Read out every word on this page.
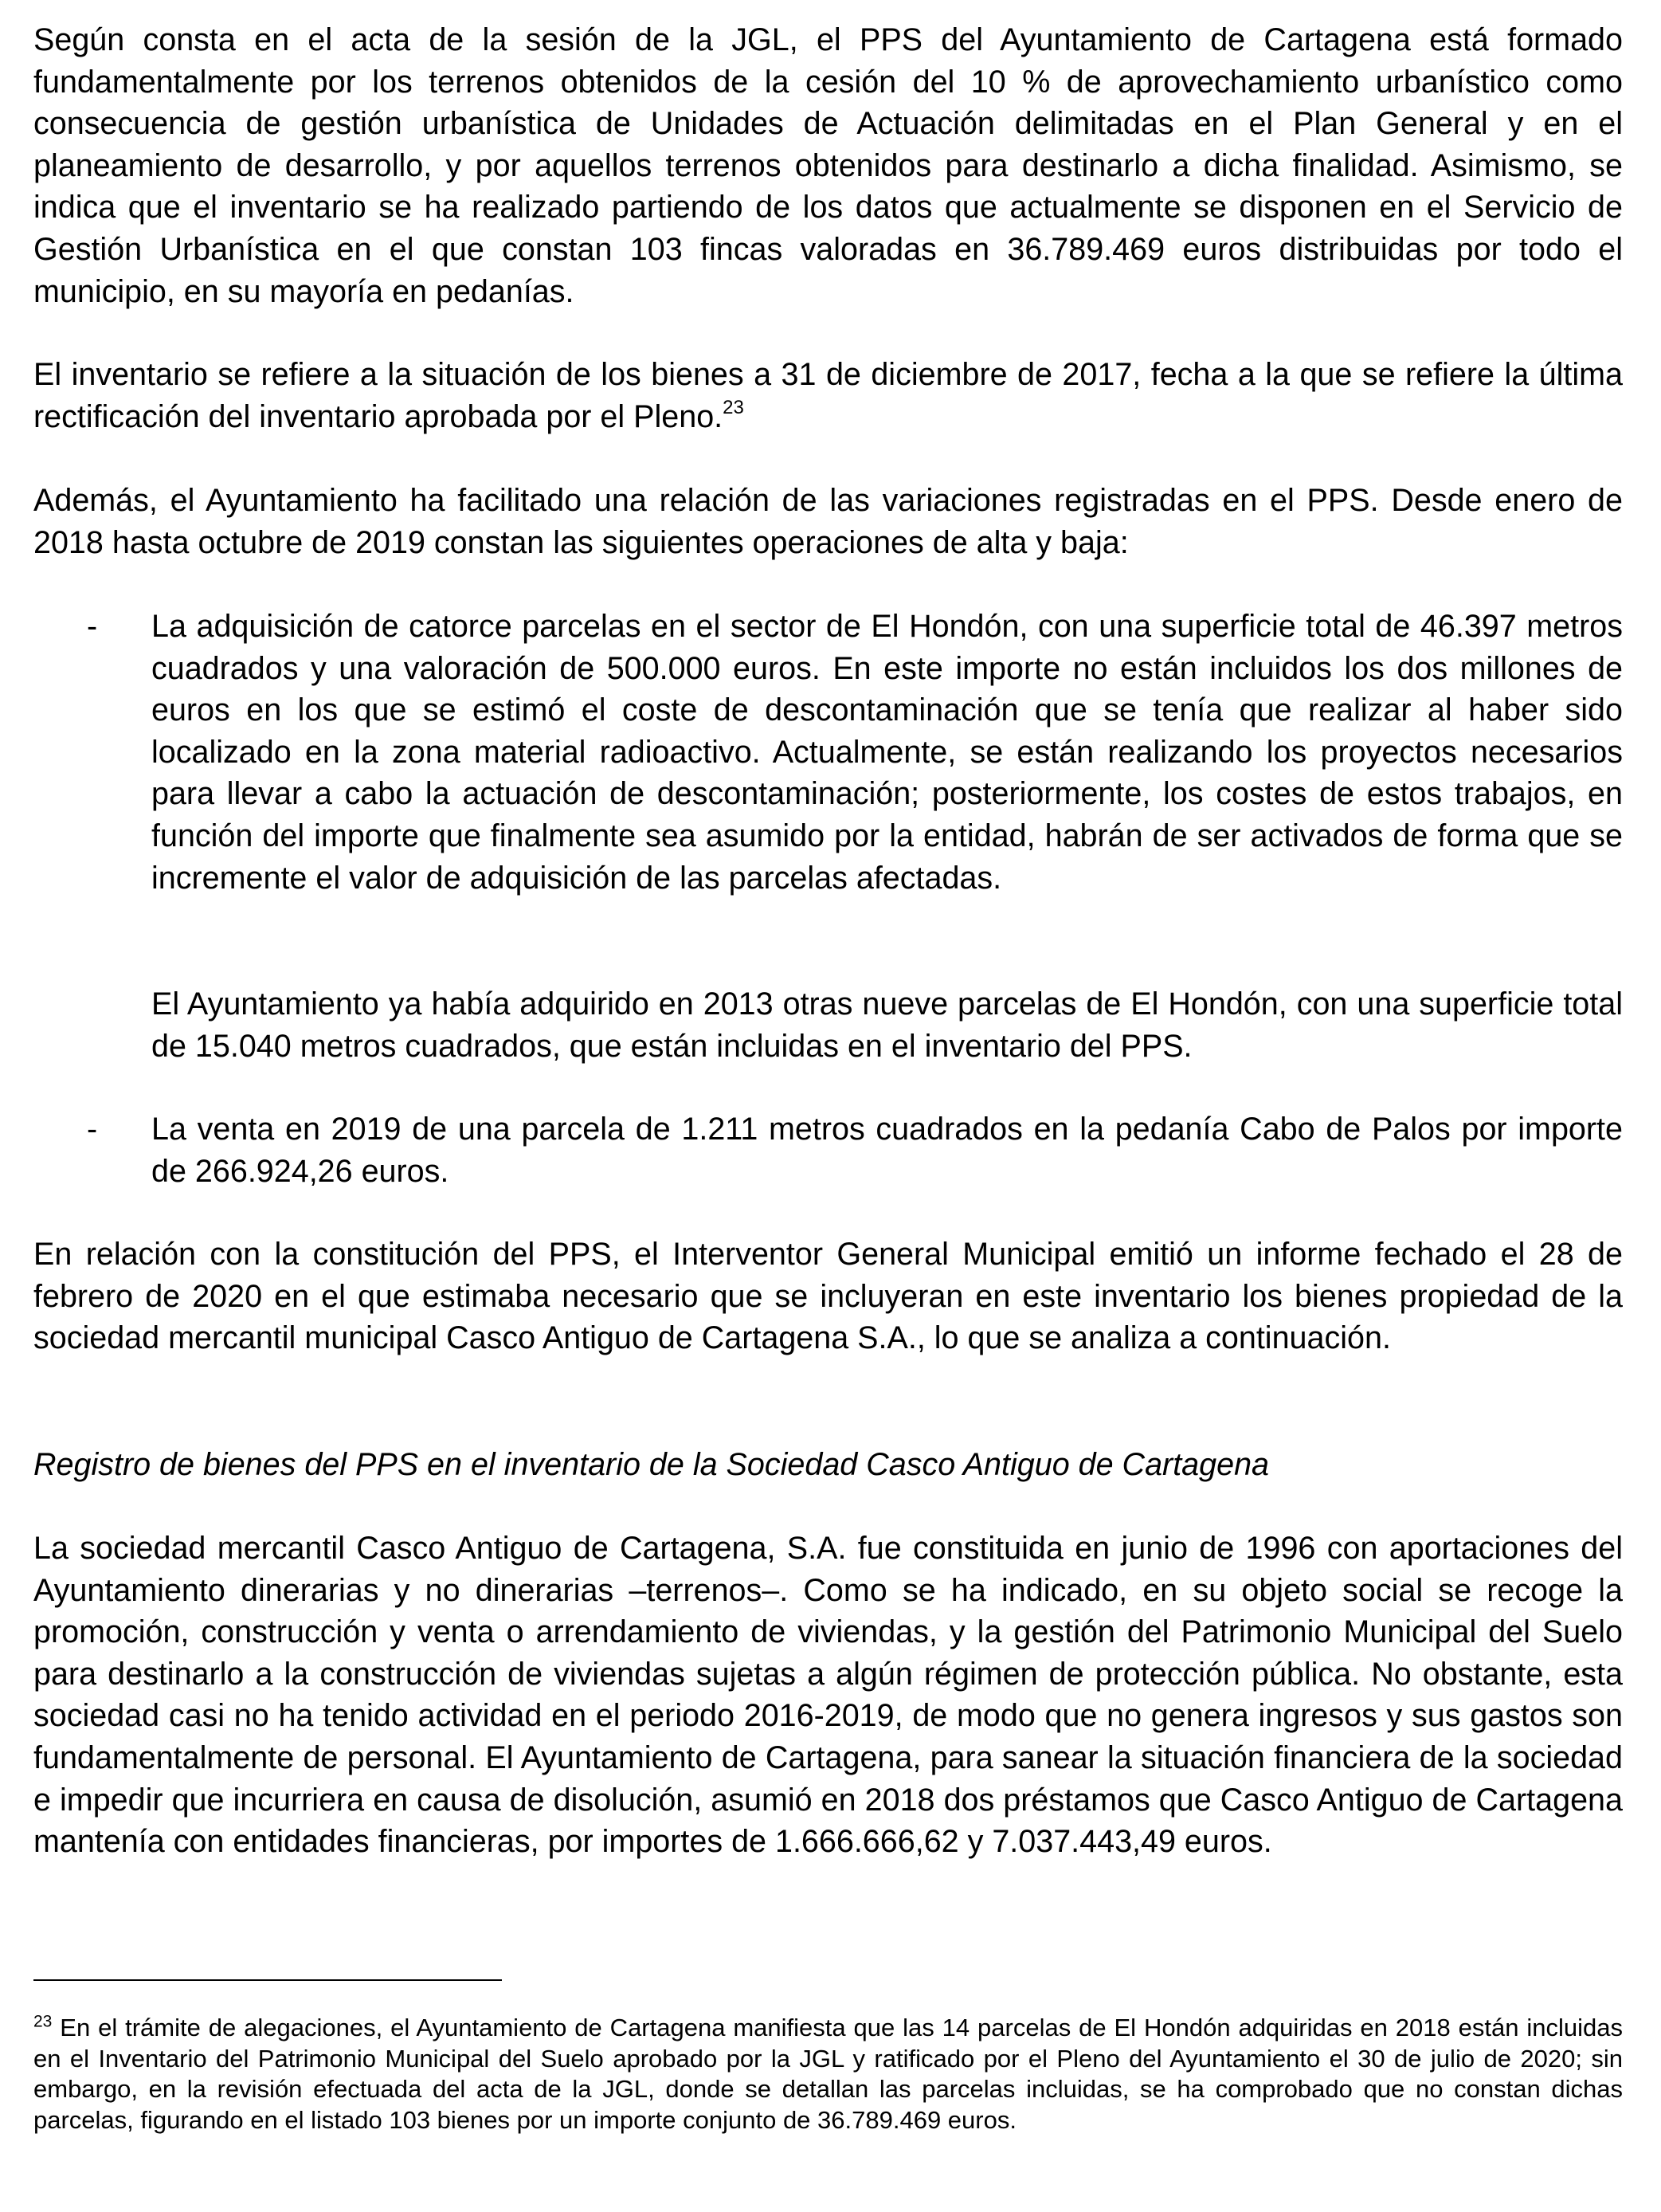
Según consta en el acta de la sesión de la JGL, el PPS del Ayuntamiento de Cartagena está formado fundamentalmente por los terrenos obtenidos de la cesión del 10 % de aprovechamiento urbanístico como consecuencia de gestión urbanística de Unidades de Actuación delimitadas en el Plan General y en el planeamiento de desarrollo, y por aquellos terrenos obtenidos para destinarlo a dicha finalidad. Asimismo, se indica que el inventario se ha realizado partiendo de los datos que actualmente se disponen en el Servicio de Gestión Urbanística en el que constan 103 fincas valoradas en 36.789.469 euros distribuidas por todo el municipio, en su mayoría en pedanías.

El inventario se refiere a la situación de los bienes a 31 de diciembre de 2017, fecha a la que se refiere la última rectificación del inventario aprobada por el Pleno.$^{23}$

Además, el Ayuntamiento ha facilitado una relación de las variaciones registradas en el PPS. Desde enero de 2018 hasta octubre de 2019 constan las siguientes operaciones de alta y baja:

- La adquisición de catorce parcelas en el sector de El Hondón, con una superficie total de 46.397 metros cuadrados y una valoración de 500.000 euros. En este importe no están incluidos los dos millones de euros en los que se estimó el coste de descontaminación que se tenía que realizar al haber sido localizado en la zona material radioactivo. Actualmente, se están realizando los proyectos necesarios para llevar a cabo la actuación de descontaminación; posteriormente, los costes de estos trabajos, en función del importe que finalmente sea asumido por la entidad, habrán de ser activados de forma que se incremente el valor de adquisición de las parcelas afectadas.

El Ayuntamiento ya había adquirido en 2013 otras nueve parcelas de El Hondón, con una superficie total de 15.040 metros cuadrados, que están incluidas en el inventario del PPS.

- La venta en 2019 de una parcela de 1.211 metros cuadrados en la pedanía Cabo de Palos por importe de 266.924,26 euros.

En relación con la constitución del PPS, el Interventor General Municipal emitió un informe fechado el 28 de febrero de 2020 en el que estimaba necesario que se incluyeran en este inventario los bienes propiedad de la sociedad mercantil municipal Casco Antiguo de Cartagena S.A., lo que se analiza a continuación.

Registro de bienes del PPS en el inventario de la Sociedad Casco Antiguo de Cartagena

La sociedad mercantil Casco Antiguo de Cartagena, S.A. fue constituida en junio de 1996 con aportaciones del Ayuntamiento dinerarias y no dinerarias –terrenos–. Como se ha indicado, en su objeto social se recoge la promoción, construcción y venta o arrendamiento de viviendas, y la gestión del Patrimonio Municipal del Suelo para destinarlo a la construcción de viviendas sujetas a algún régimen de protección pública. No obstante, esta sociedad casi no ha tenido actividad en el periodo 2016-2019, de modo que no genera ingresos y sus gastos son fundamentalmente de personal. El Ayuntamiento de Cartagena, para sanear la situación financiera de la sociedad e impedir que incurriera en causa de disolución, asumió en 2018 dos préstamos que Casco Antiguo de Cartagena mantenía con entidades financieras, por importes de 1.666.666,62 y 7.037.443,49 euros.

$^{23}$ En el trámite de alegaciones, el Ayuntamiento de Cartagena manifiesta que las 14 parcelas de El Hondón adquiridas en 2018 están incluidas en el Inventario del Patrimonio Municipal del Suelo aprobado por la JGL y ratificado por el Pleno del Ayuntamiento el 30 de julio de 2020; sin embargo, en la revisión efectuada del acta de la JGL, donde se detallan las parcelas incluidas, se ha comprobado que no constan dichas parcelas, figurando en el listado 103 bienes por un importe conjunto de 36.789.469 euros.
